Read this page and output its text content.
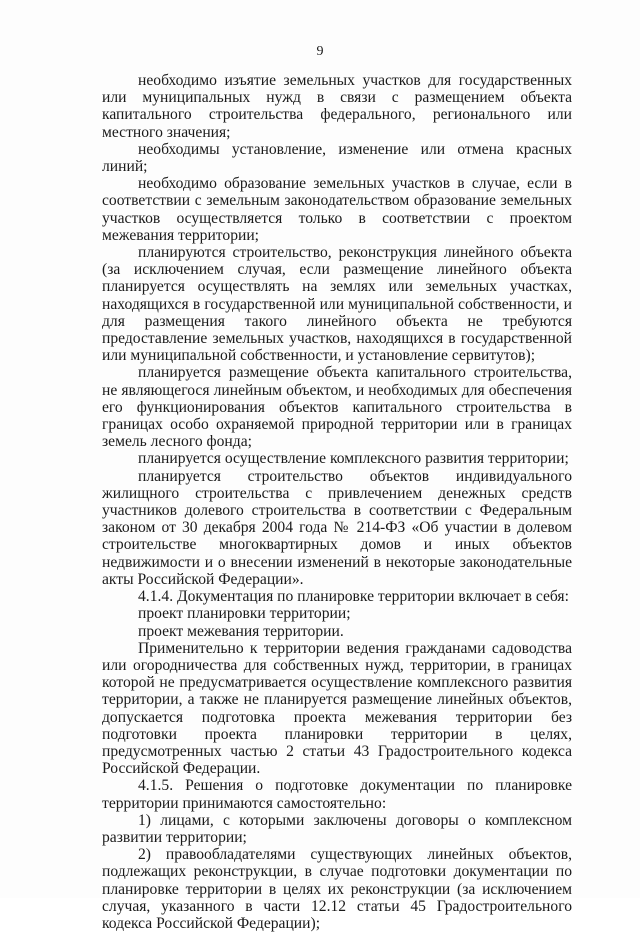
9

необходимо изъятие земельных участков для государственных или муниципальных нужд в связи с размещением объекта капитального строительства федерального, регионального или местного значения;

необходимы установление, изменение или отмена красных линий;

необходимо образование земельных участков в случае, если в соответствии с земельным законодательством образование земельных участков осуществляется только в соответствии с проектом межевания территории;

планируются строительство, реконструкция линейного объекта (за исключением случая, если размещение линейного объекта планируется осуществлять на землях или земельных участках, находящихся в государственной или муниципальной собственности, и для размещения такого линейного объекта не требуются предоставление земельных участков, находящихся в государственной или муниципальной собственности, и установление сервитутов);

планируется размещение объекта капитального строительства, не являющегося линейным объектом, и необходимых для обеспечения его функционирования объектов капитального строительства в границах особо охраняемой природной территории или в границах земель лесного фонда;

планируется осуществление комплексного развития территории;

планируется строительство объектов индивидуального жилищного строительства с привлечением денежных средств участников долевого строительства в соответствии с Федеральным законом от 30 декабря 2004 года № 214-ФЗ «Об участии в долевом строительстве многоквартирных домов и иных объектов недвижимости и о внесении изменений в некоторые законодательные акты Российской Федерации».

4.1.4. Документация по планировке территории включает в себя:

проект планировки территории;

проект межевания территории.

Применительно к территории ведения гражданами садоводства или огородничества для собственных нужд, территории, в границах которой не предусматривается осуществление комплексного развития территории, а также не планируется размещение линейных объектов, допускается подготовка проекта межевания территории без подготовки проекта планировки территории в целях, предусмотренных частью 2 статьи 43 Градостроительного кодекса Российской Федерации.

4.1.5. Решения о подготовке документации по планировке территории принимаются самостоятельно:

1) лицами, с которыми заключены договоры о комплексном развитии территории;

2) правообладателями существующих линейных объектов, подлежащих реконструкции, в случае подготовки документации по планировке территории в целях их реконструкции (за исключением случая, указанного в части 12.12 статьи 45 Градостроительного кодекса Российской Федерации);
